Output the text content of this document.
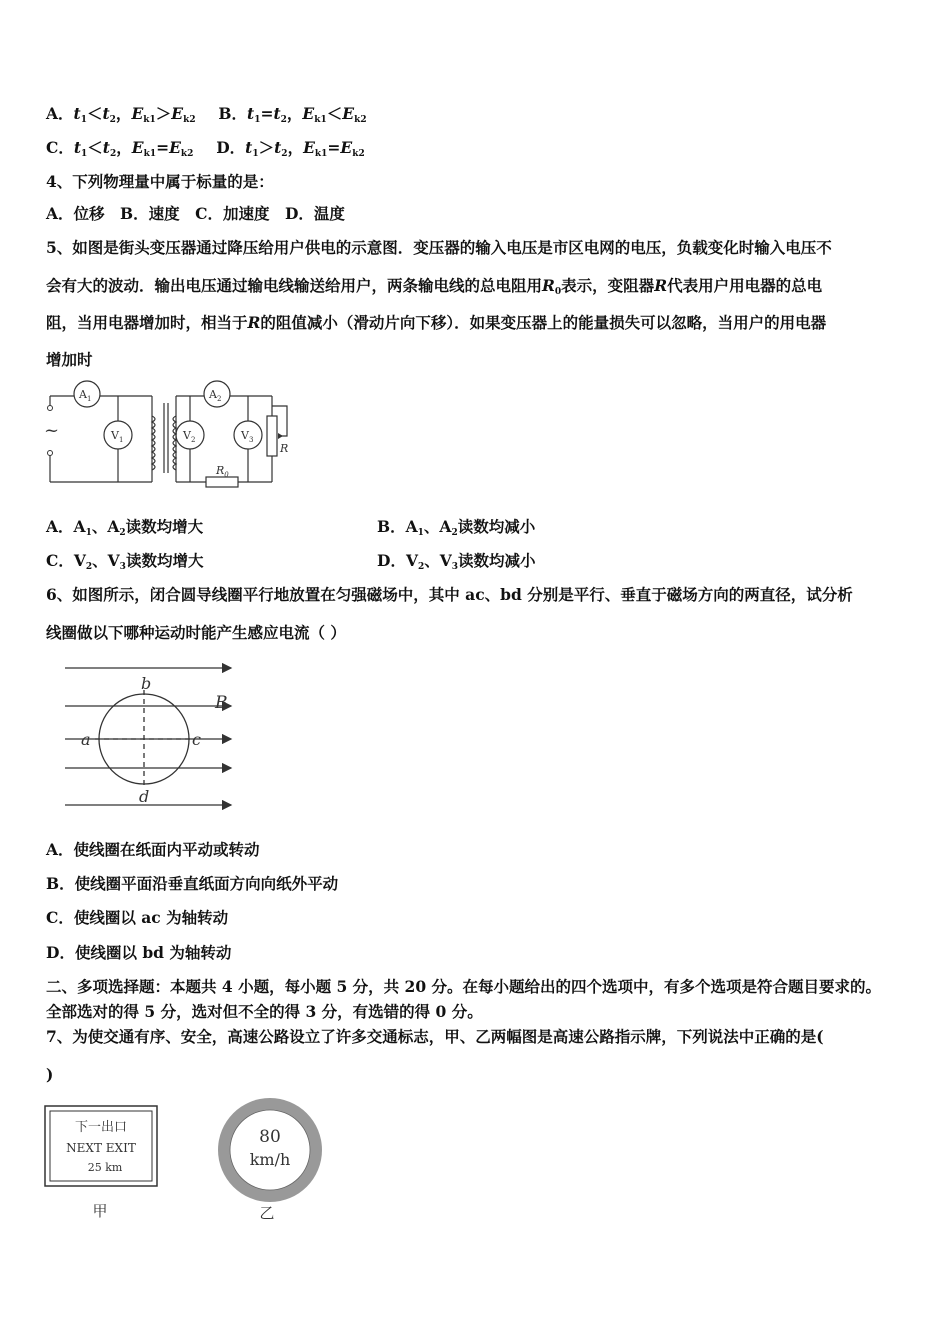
A．$t_1<t_2$，$E_{k1}>E_{k2}$ B．$t_1=t_2$，$E_{k1}<E_{k2}$
C．$t_1<t_2$，$E_{k1}=E_{k2}$ D．$t_1>t_2$，$E_{k1}=E_{k2}$
4、下列物理量中属于标量的是：
A．位移　B．速度　C．加速度　D．温度
5、如图是街头变压器通过降压给用户供电的示意图．变压器的输入电压是市区电网的电压，负载变化时输入电压不
会有大的波动．输出电压通过输电线输送给用户，两条输电线的总电阻用$R_0$表示，变阻器R代表用户用电器的总电
阻，当用电器增加时，相当于R的阻值减小（滑动片向下移）．如果变压器上的能量损失可以忽略，当用户的用电器
增加时
~
$A_1$	$A_2$
$V_1$	$V_2$	$V_3$
R
$R_0$
A．$A_1$、$A_2$读数均增大	B．$A_1$、$A_2$读数均减小
C．$V_2$、$V_3$读数均增大	D．$V_2$、$V_3$读数均减小
6、如图所示，闭合圆导线圈平行地放置在匀强磁场中，其中 ac、bd 分别是平行、垂直于磁场方向的两直径，试分析
线圈做以下哪种运动时能产生感应电流（ ）
b
a	c
d
B
A．使线圈在纸面内平动或转动
B．使线圈平面沿垂直纸面方向向纸外平动
C．使线圈以 ac 为轴转动
D．使线圈以 bd 为轴转动
二、多项选择题：本题共 4 小题，每小题 5 分，共 20 分。在每小题给出的四个选项中，有多个选项是符合题目要求的。
全部选对的得 5 分，选对但不全的得 3 分，有选错的得 0 分。
7、为使交通有序、安全，高速公路设立了许多交通标志，甲、乙两幅图是高速公路指示牌，下列说法中正确的是(
)
下一出口
NEXT EXIT
25 km
甲
80
km/h
乙
